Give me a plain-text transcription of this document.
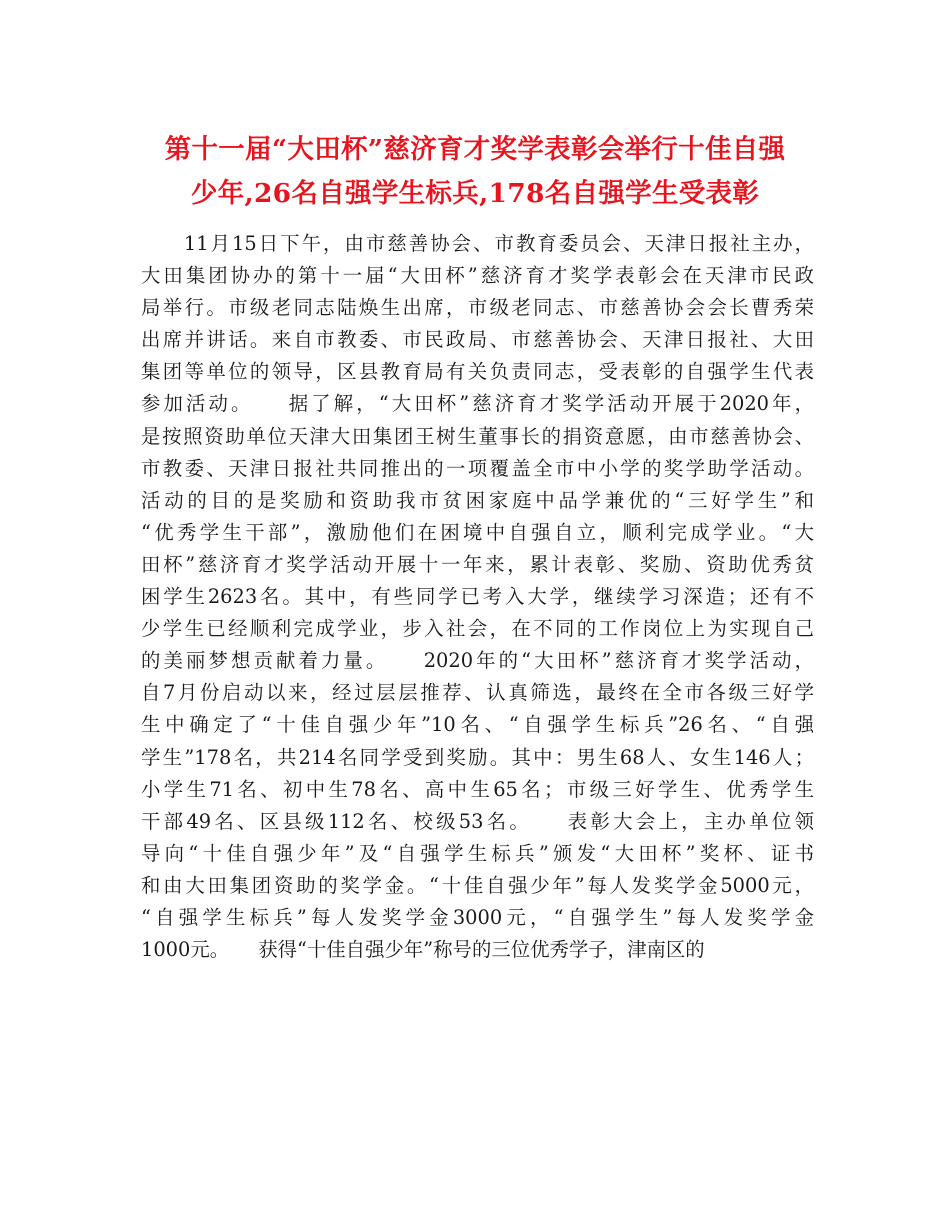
第十一届“大田杯”慈济育才奖学表彰会举行十佳自强
少年,26名自强学生标兵,178名自强学生受表彰
　　11月15日下午，由市慈善协会、市教育委员会、天津日报社主办，
大田集团协办的第十一届“大田杯”慈济育才奖学表彰会在天津市民政
局举行。市级老同志陆焕生出席，市级老同志、市慈善协会会长曹秀荣
出席并讲话。来自市教委、市民政局、市慈善协会、天津日报社、大田
集团等单位的领导，区县教育局有关负责同志，受表彰的自强学生代表
参加活动。　　据了解，“大田杯”慈济育才奖学活动开展于2020年，
是按照资助单位天津大田集团王树生董事长的捐资意愿，由市慈善协会、
市教委、天津日报社共同推出的一项覆盖全市中小学的奖学助学活动。
活动的目的是奖励和资助我市贫困家庭中品学兼优的“三好学生”和
“优秀学生干部”，激励他们在困境中自强自立，顺利完成学业。“大
田杯”慈济育才奖学活动开展十一年来，累计表彰、奖励、资助优秀贫
困学生2623名。其中，有些同学已考入大学，继续学习深造；还有不
少学生已经顺利完成学业，步入社会，在不同的工作岗位上为实现自己
的美丽梦想贡献着力量。　　2020年的“大田杯”慈济育才奖学活动，
自7月份启动以来，经过层层推荐、认真筛选，最终在全市各级三好学
生中确定了“十佳自强少年”10名、“自强学生标兵”26名、“自强
学生”178名，共214名同学受到奖励。其中：男生68人、女生146人；
小学生71名、初中生78名、高中生65名；市级三好学生、优秀学生
干部49名、区县级112名、校级53名。　　表彰大会上，主办单位领
导向“十佳自强少年”及“自强学生标兵”颁发“大田杯”奖杯、证书
和由大田集团资助的奖学金。“十佳自强少年”每人发奖学金5000元，
“自强学生标兵”每人发奖学金3000元，“自强学生”每人发奖学金
1000元。　　获得“十佳自强少年”称号的三位优秀学子，津南区的
